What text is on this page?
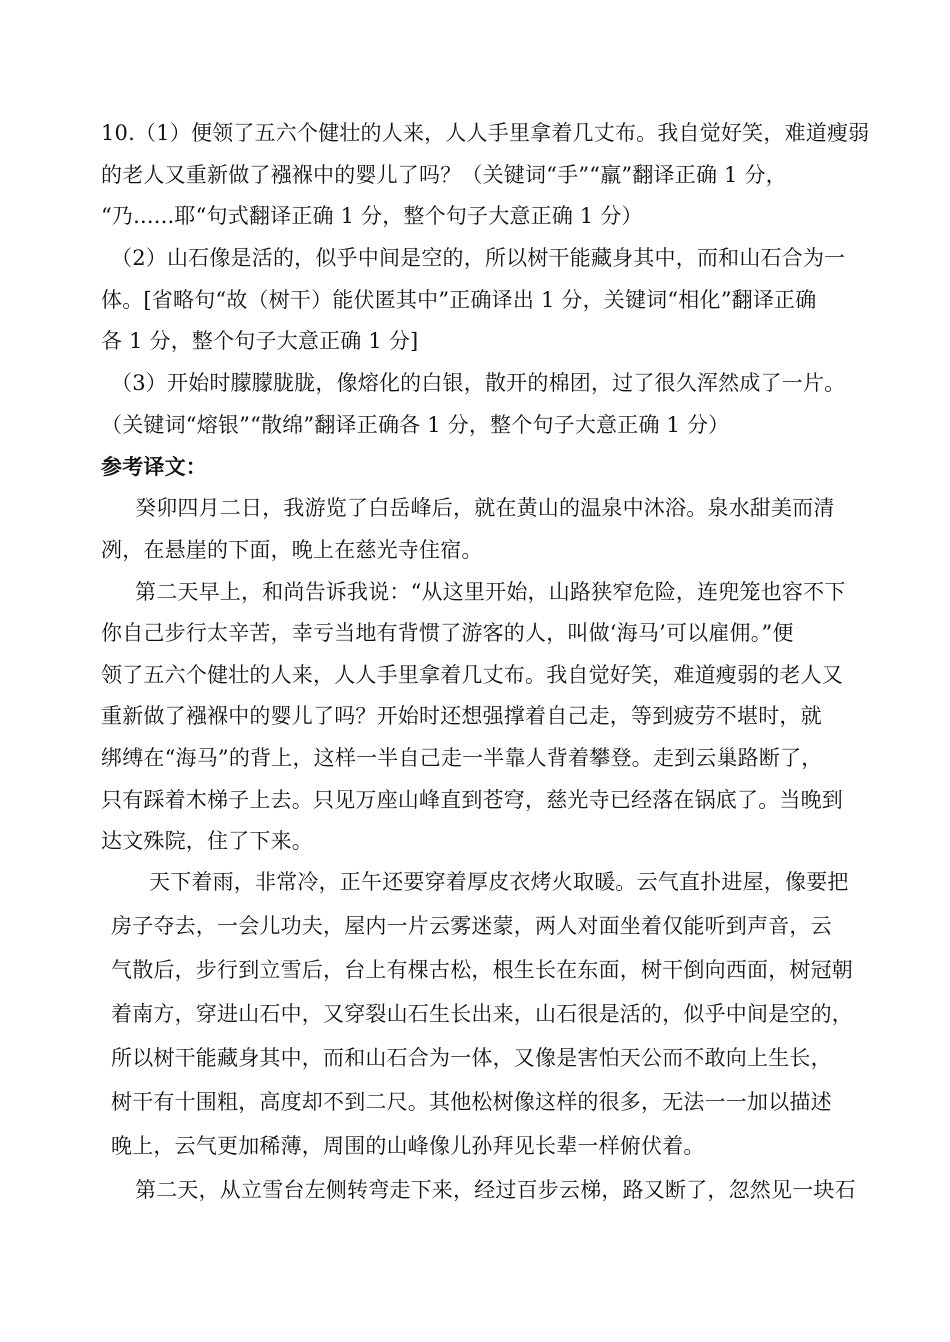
10.（1）便领了五六个健壮的人来，人人手里拿着几丈布。我自觉好笑，难道瘦弱
的老人又重新做了襁褓中的婴儿了吗？（关键词“手”“羸”翻译正确 1 分，
“乃......耶“句式翻译正确 1 分，整个句子大意正确 1 分）
（2）山石像是活的，似乎中间是空的，所以树干能藏身其中，而和山石合为一
体。[省略句“故（树干）能伏匿其中”正确译出 1 分，关键词“相化”翻译正确
各 1 分，整个句子大意正确 1 分]
（3）开始时朦朦胧胧，像熔化的白银，散开的棉团，过了很久浑然成了一片。
（关键词“熔银”“散绵”翻译正确各 1 分，整个句子大意正确 1 分）
参考译文：
癸卯四月二日，我游览了白岳峰后，就在黄山的温泉中沐浴。泉水甜美而清
冽，在悬崖的下面，晚上在慈光寺住宿。
第二天早上，和尚告诉我说：“从这里开始，山路狭窄危险，连兜笼也容不下
你自己步行太辛苦，幸亏当地有背惯了游客的人，叫做‘海马’可以雇佣。”便
领了五六个健壮的人来，人人手里拿着几丈布。我自觉好笑，难道瘦弱的老人又
重新做了襁褓中的婴儿了吗？开始时还想强撑着自己走，等到疲劳不堪时，就
绑缚在“海马”的背上，这样一半自己走一半靠人背着攀登。走到云巢路断了，
只有踩着木梯子上去。只见万座山峰直到苍穹，慈光寺已经落在锅底了。当晚到
达文殊院，住了下来。
天下着雨，非常冷，正午还要穿着厚皮衣烤火取暖。云气直扑进屋，像要把
房子夺去，一会儿功夫，屋内一片云雾迷蒙，两人对面坐着仅能听到声音，云
气散后，步行到立雪后，台上有棵古松，根生长在东面，树干倒向西面，树冠朝
着南方，穿进山石中，又穿裂山石生长出来，山石很是活的，似乎中间是空的，
所以树干能藏身其中，而和山石合为一体，又像是害怕天公而不敢向上生长，
树干有十围粗，高度却不到二尺。其他松树像这样的很多，无法一一加以描述
晚上，云气更加稀薄，周围的山峰像儿孙拜见长辈一样俯伏着。
第二天，从立雪台左侧转弯走下来，经过百步云梯，路又断了，忽然见一块石
